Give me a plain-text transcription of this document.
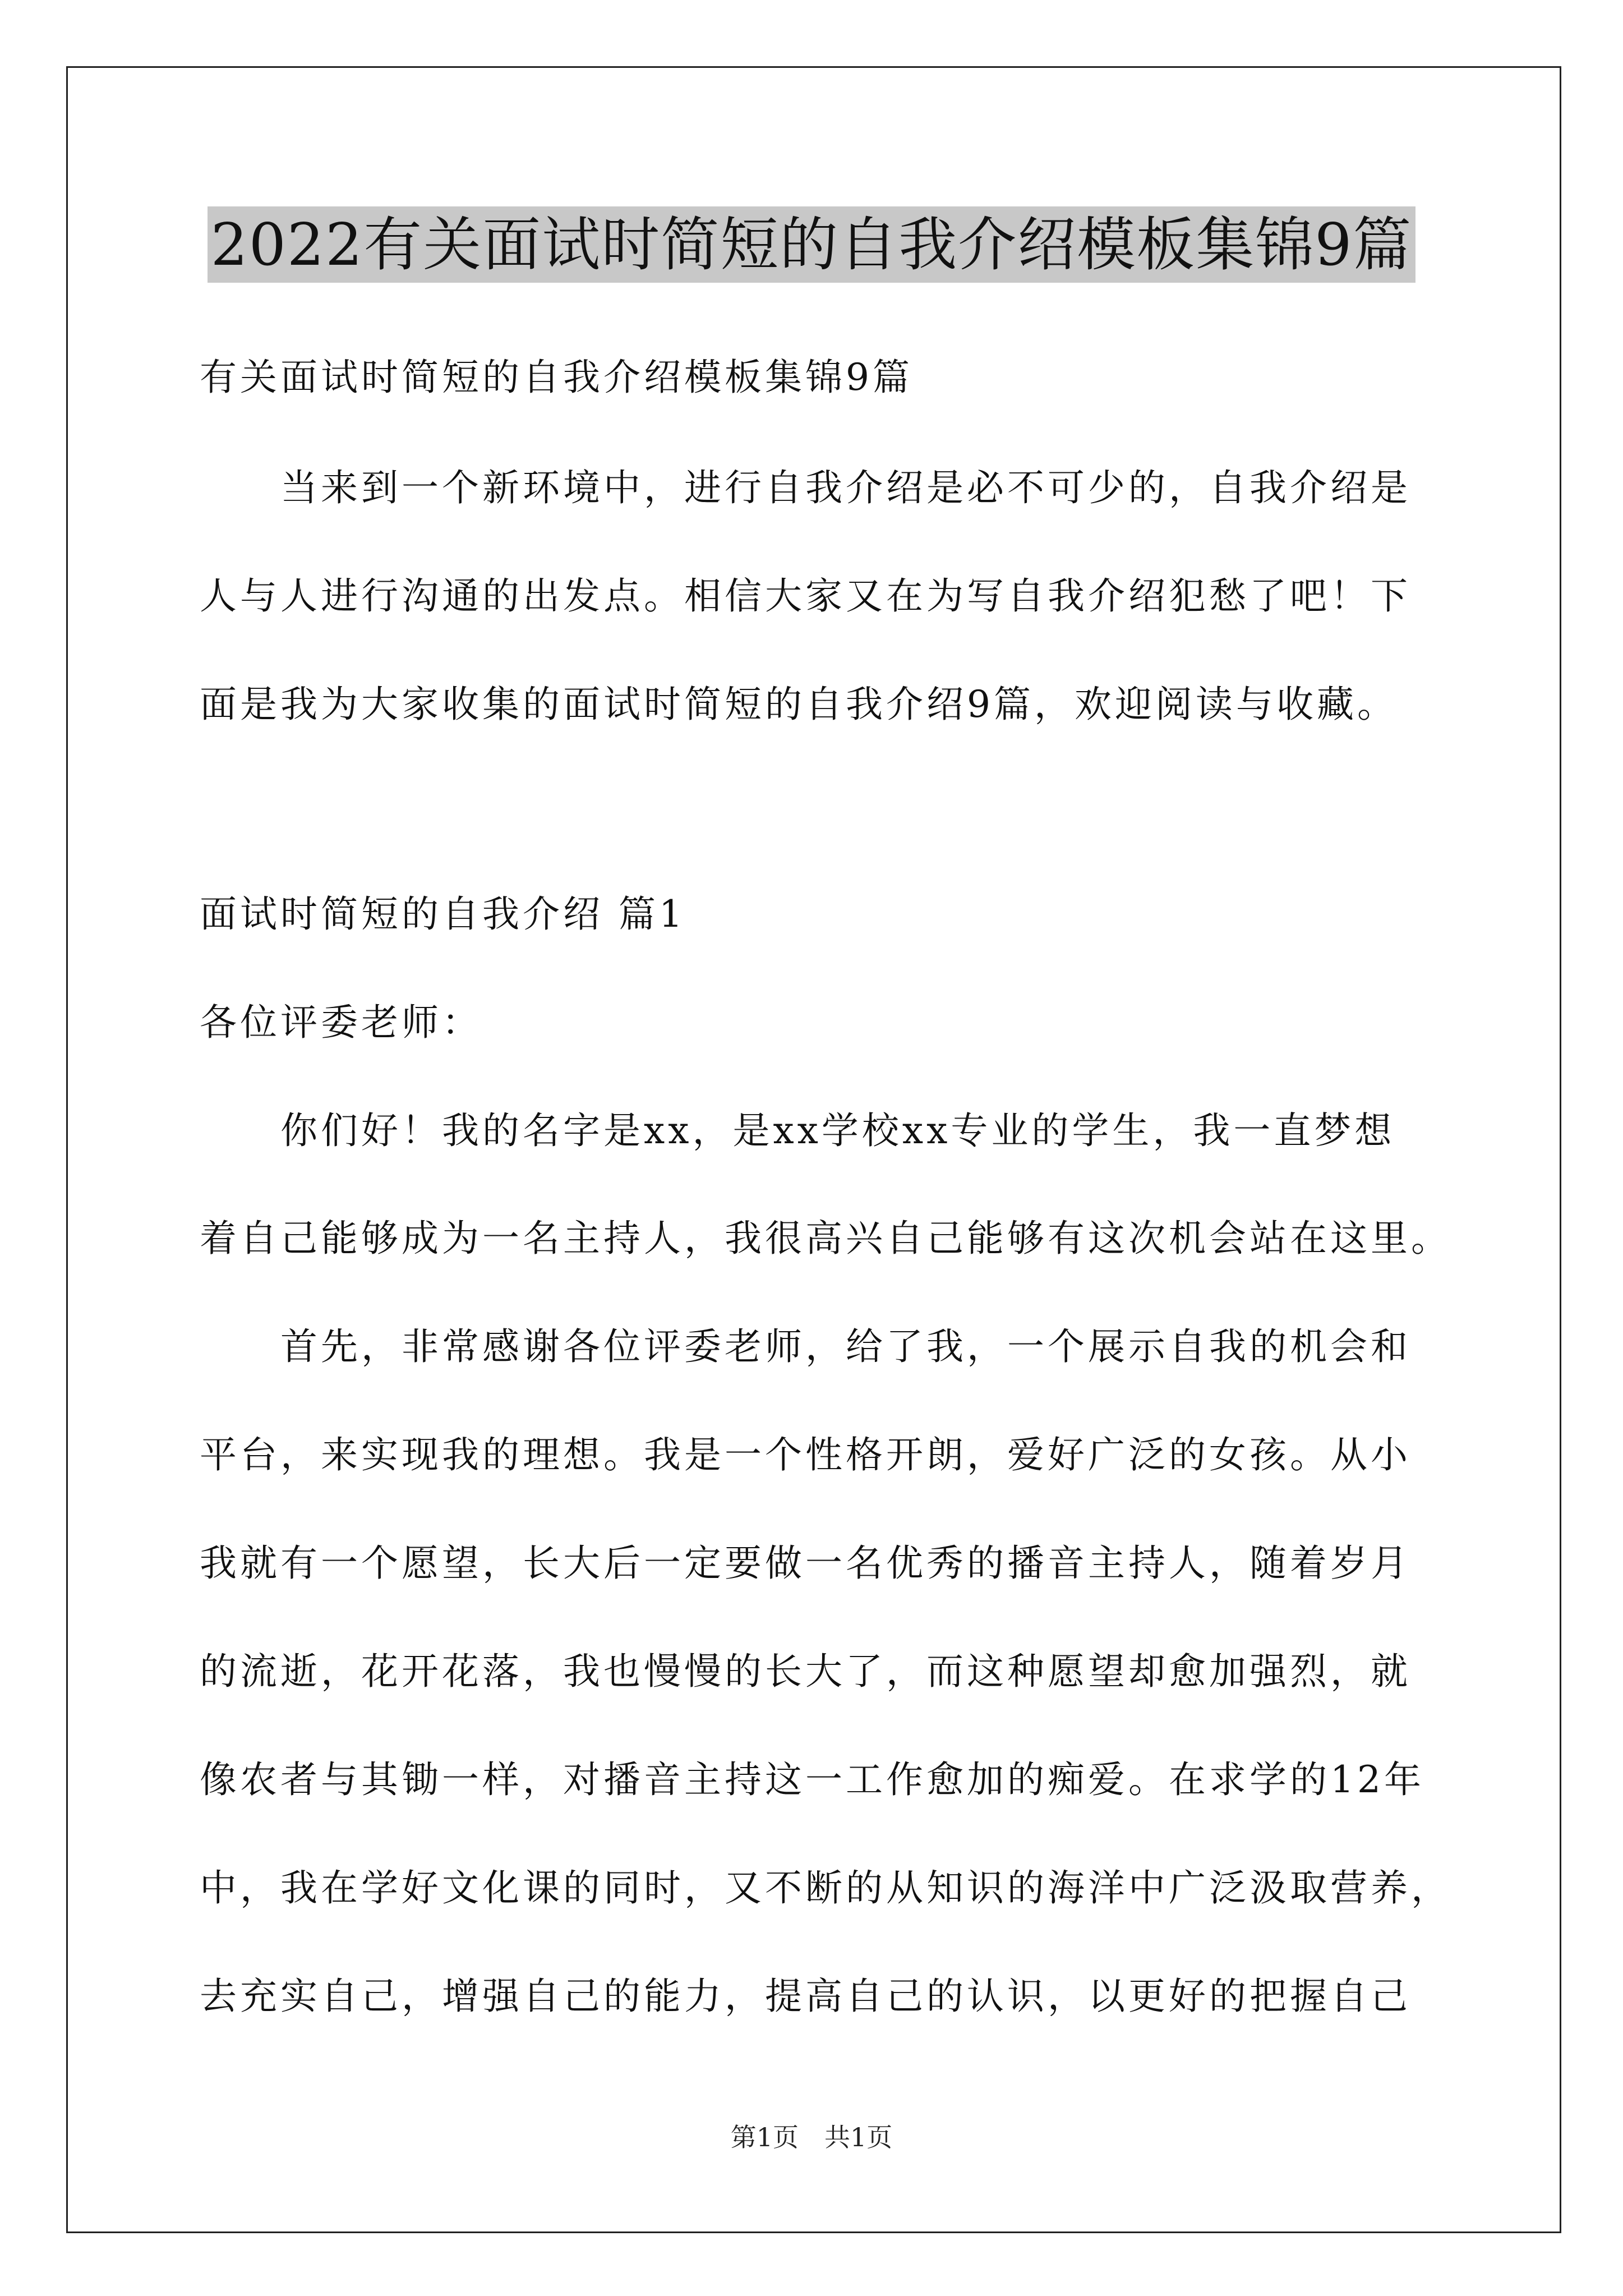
2022有关面试时简短的自我介绍模板集锦9篇
有关面试时简短的自我介绍模板集锦9篇
　　当来到一个新环境中，进行自我介绍是必不可少的，自我介绍是
人与人进行沟通的出发点。相信大家又在为写自我介绍犯愁了吧！下
面是我为大家收集的面试时简短的自我介绍9篇，欢迎阅读与收藏。
面试时简短的自我介绍 篇1
各位评委老师：
　　你们好！我的名字是xx，是xx学校xx专业的学生，我一直梦想
着自己能够成为一名主持人，我很高兴自己能够有这次机会站在这里。
　　首先，非常感谢各位评委老师，给了我，一个展示自我的机会和
平台，来实现我的理想。我是一个性格开朗，爱好广泛的女孩。从小
我就有一个愿望，长大后一定要做一名优秀的播音主持人，随着岁月
的流逝，花开花落，我也慢慢的长大了，而这种愿望却愈加强烈，就
像农者与其锄一样，对播音主持这一工作愈加的痴爱。在求学的12年
中，我在学好文化课的同时，又不断的从知识的海洋中广泛汲取营养，
去充实自己，增强自己的能力，提高自己的认识，以更好的把握自己
第1页　共1页
